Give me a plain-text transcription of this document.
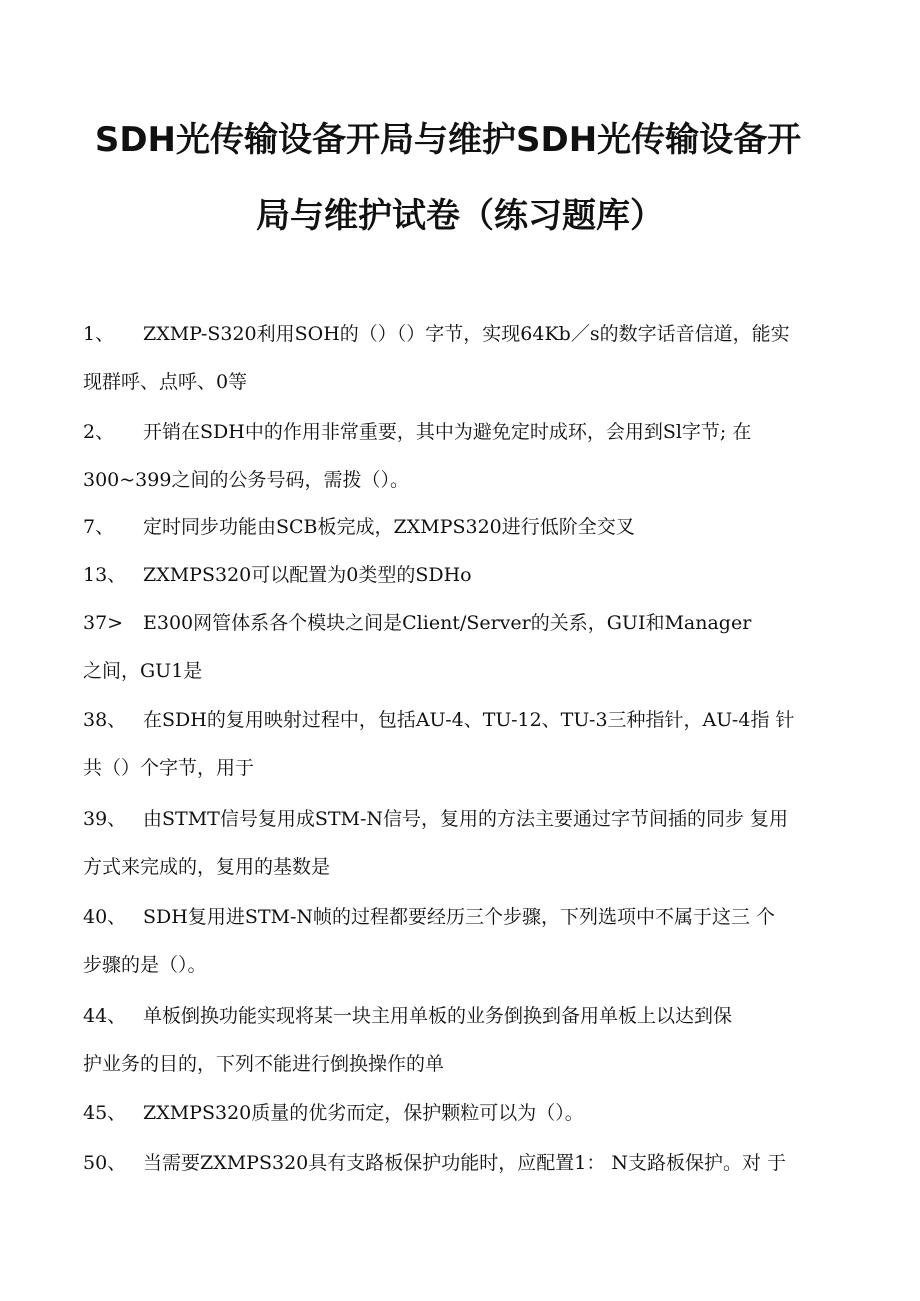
SDH光传输设备开局与维护SDH光传输设备开
局与维护试卷（练习题库）
1、 ZXMP-S320利用SOH的（）（）字节，实现64Kb／s的数字话音信道，能实
现群呼、点呼、0等
2、 开销在SDH中的作用非常重要，其中为避免定时成环，会用到Sl字节; 在
300~399之间的公务号码，需拨（）。
7、 定时同步功能由SCB板完成，ZXMPS320进行低阶全交叉
13、 ZXMPS320可以配置为0类型的SDHo
37> E300网管体系各个模块之间是Client/Server的关系，GUI和Manager
之间，GU1是
38、 在SDH的复用映射过程中，包括AU-4、TU-12、TU-3三种指针，AU-4指 针
共（）个字节，用于
39、 由STMT信号复用成STM-N信号，复用的方法主要通过字节间插的同步 复用
方式来完成的，复用的基数是
40、 SDH复用进STM-N帧的过程都要经历三个步骤，下列选项中不属于这三 个
步骤的是（）。
44、 单板倒换功能实现将某一块主用单板的业务倒换到备用单板上以达到保
护业务的目的，下列不能进行倒换操作的单
45、 ZXMPS320质量的优劣而定，保护颗粒可以为（）。
50、 当需要ZXMPS320具有支路板保护功能时，应配置1： N支路板保护。对 于
